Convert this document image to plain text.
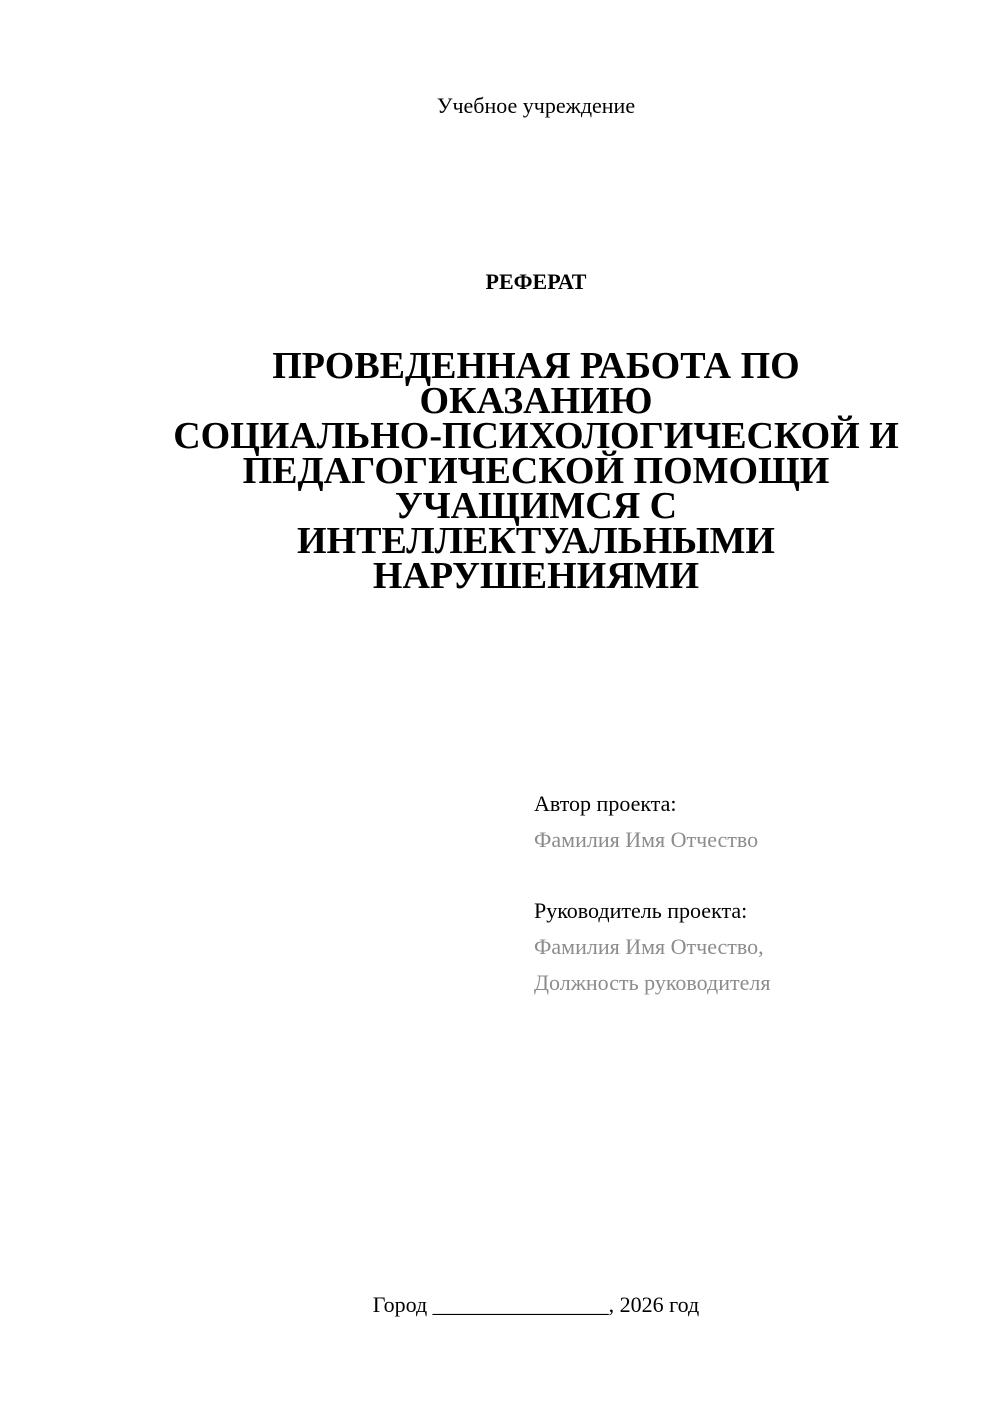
Учебное учреждение
РЕФЕРАТ
ПРОВЕДЕННАЯ РАБОТА ПО
ОКАЗАНИЮ
СОЦИАЛЬНО-ПСИХОЛОГИЧЕСКОЙ И
ПЕДАГОГИЧЕСКОЙ ПОМОЩИ
УЧАЩИМСЯ С
ИНТЕЛЛЕКТУАЛЬНЫМИ
НАРУШЕНИЯМИ
Автор проекта:
Фамилия Имя Отчество
Руководитель проекта:
Фамилия Имя Отчество,
Должность руководителя
Город ________________, 2026 год
